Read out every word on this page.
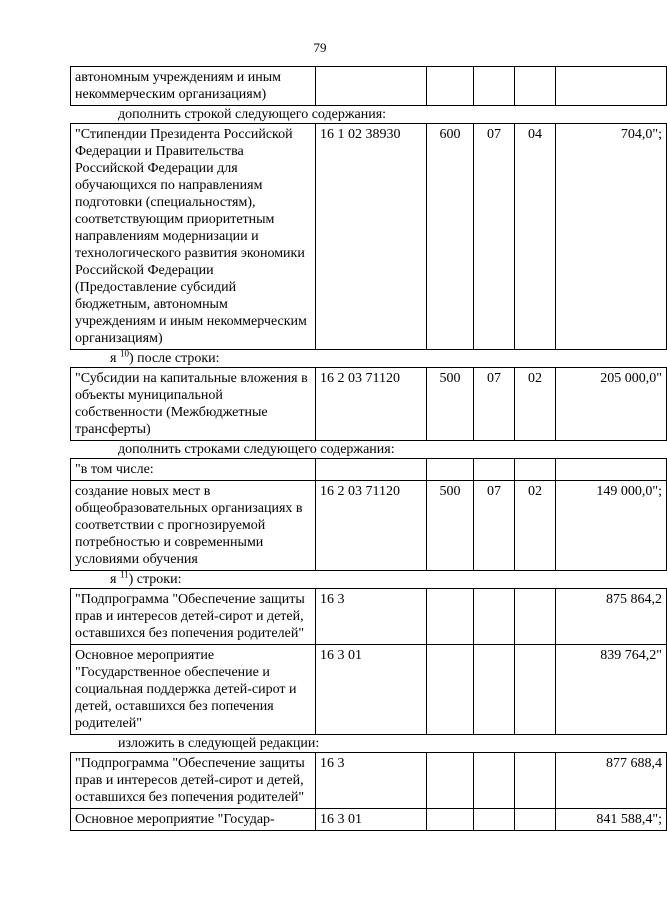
79
автономным учреждениям и иным некоммерческим организациям)					

дополнить строкой следующего содержания:

"Стипендии Президента Российской Федерации и Правительства Российской Федерации для обучающихся по направлениям подготовки (специальностям), соответствующим приоритетным направлениям модернизации и технологического развития экономики Российской Федерации (Предоставление субсидий бюджетным, автономным учреждениям и иным некоммерческим организациям)	16 1 02 38930	600	07	04	704,0";

я $^{10}$) после строки:

"Субсидии на капитальные вложения в объекты муниципальной собственности (Межбюджетные трансферты)	16 2 03 71120	500	07	02	205 000,0"

дополнить строками следующего содержания:

"в том числе:					
создание новых мест в общеобразовательных организациях в соответствии с прогнозируемой потребностью и современными условиями обучения	16 2 03 71120	500	07	02	149 000,0";

я $^{11}$) строки:

"Подпрограмма "Обеспечение защиты прав и интересов детей-сирот и детей, оставшихся без попечения родителей"	16 3				875 864,2
Основное мероприятие "Государственное обеспечение и социальная поддержка детей-сирот и детей, оставшихся без попечения родителей"	16 3 01				839 764,2"

изложить в следующей редакции:

"Подпрограмма "Обеспечение защиты прав и интересов детей-сирот и детей, оставшихся без попечения родителей"	16 3				877 688,4
Основное мероприятие "Государ-	16 3 01				841 588,4";
